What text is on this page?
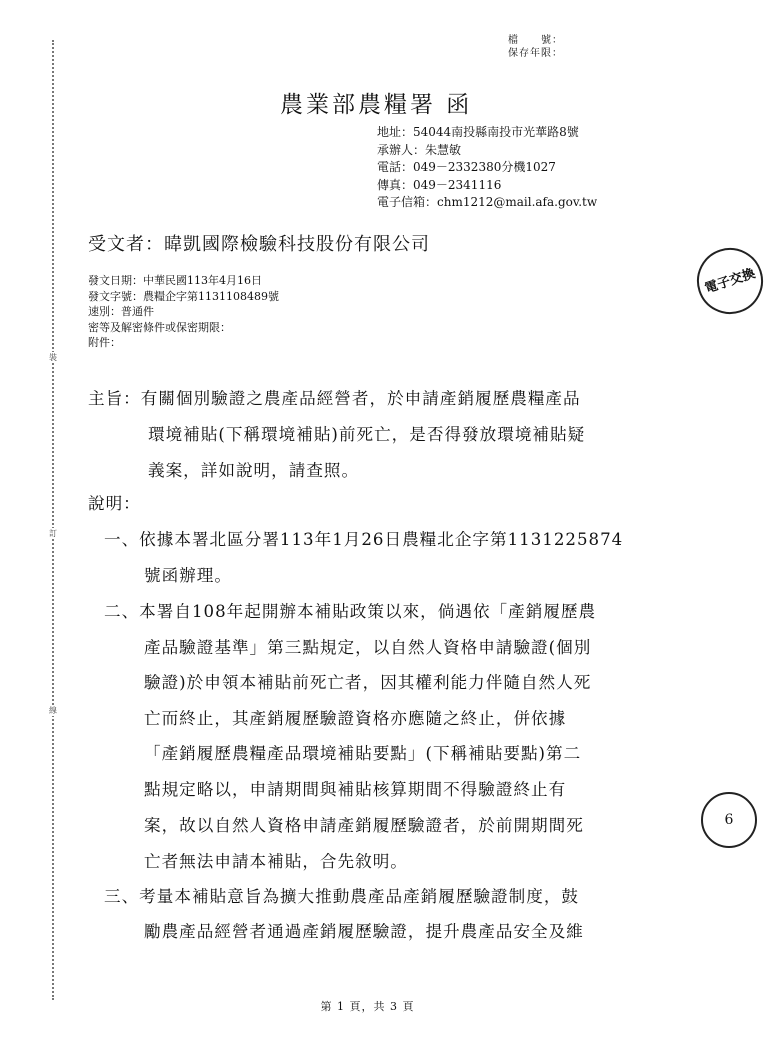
裝
訂
線
檔　　號：
保存年限：
農業部農糧署 函
地址：54044南投縣南投市光華路8號
承辦人：朱慧敏
電話：049－2332380分機1027
傳真：049－2341116
電子信箱：chm1212@mail.afa.gov.tw
受文者：暐凱國際檢驗科技股份有限公司
發文日期：中華民國113年4月16日
發文字號：農糧企字第1131108489號
速別：普通件
密等及解密條件或保密期限：
附件：
主旨：有關個別驗證之農產品經營者，於申請產銷履歷農糧產品
環境補貼(下稱環境補貼)前死亡，是否得發放環境補貼疑
義案，詳如說明，請查照。
說明：
一、依據本署北區分署113年1月26日農糧北企字第1131225874
號函辦理。
二、本署自108年起開辦本補貼政策以來，倘遇依「產銷履歷農
產品驗證基準」第三點規定，以自然人資格申請驗證(個別
驗證)於申領本補貼前死亡者，因其權利能力伴隨自然人死
亡而終止，其產銷履歷驗證資格亦應隨之終止，併依據
「產銷履歷農糧產品環境補貼要點」(下稱補貼要點)第二
點規定略以，申請期間與補貼核算期間不得驗證終止有
案，故以自然人資格申請產銷履歷驗證者，於前開期間死
亡者無法申請本補貼，合先敘明。
三、考量本補貼意旨為擴大推動農產品產銷履歷驗證制度，鼓
勵農產品經營者通過產銷履歷驗證，提升農產品安全及維
電子交換
6
第 1 頁，共 3 頁
